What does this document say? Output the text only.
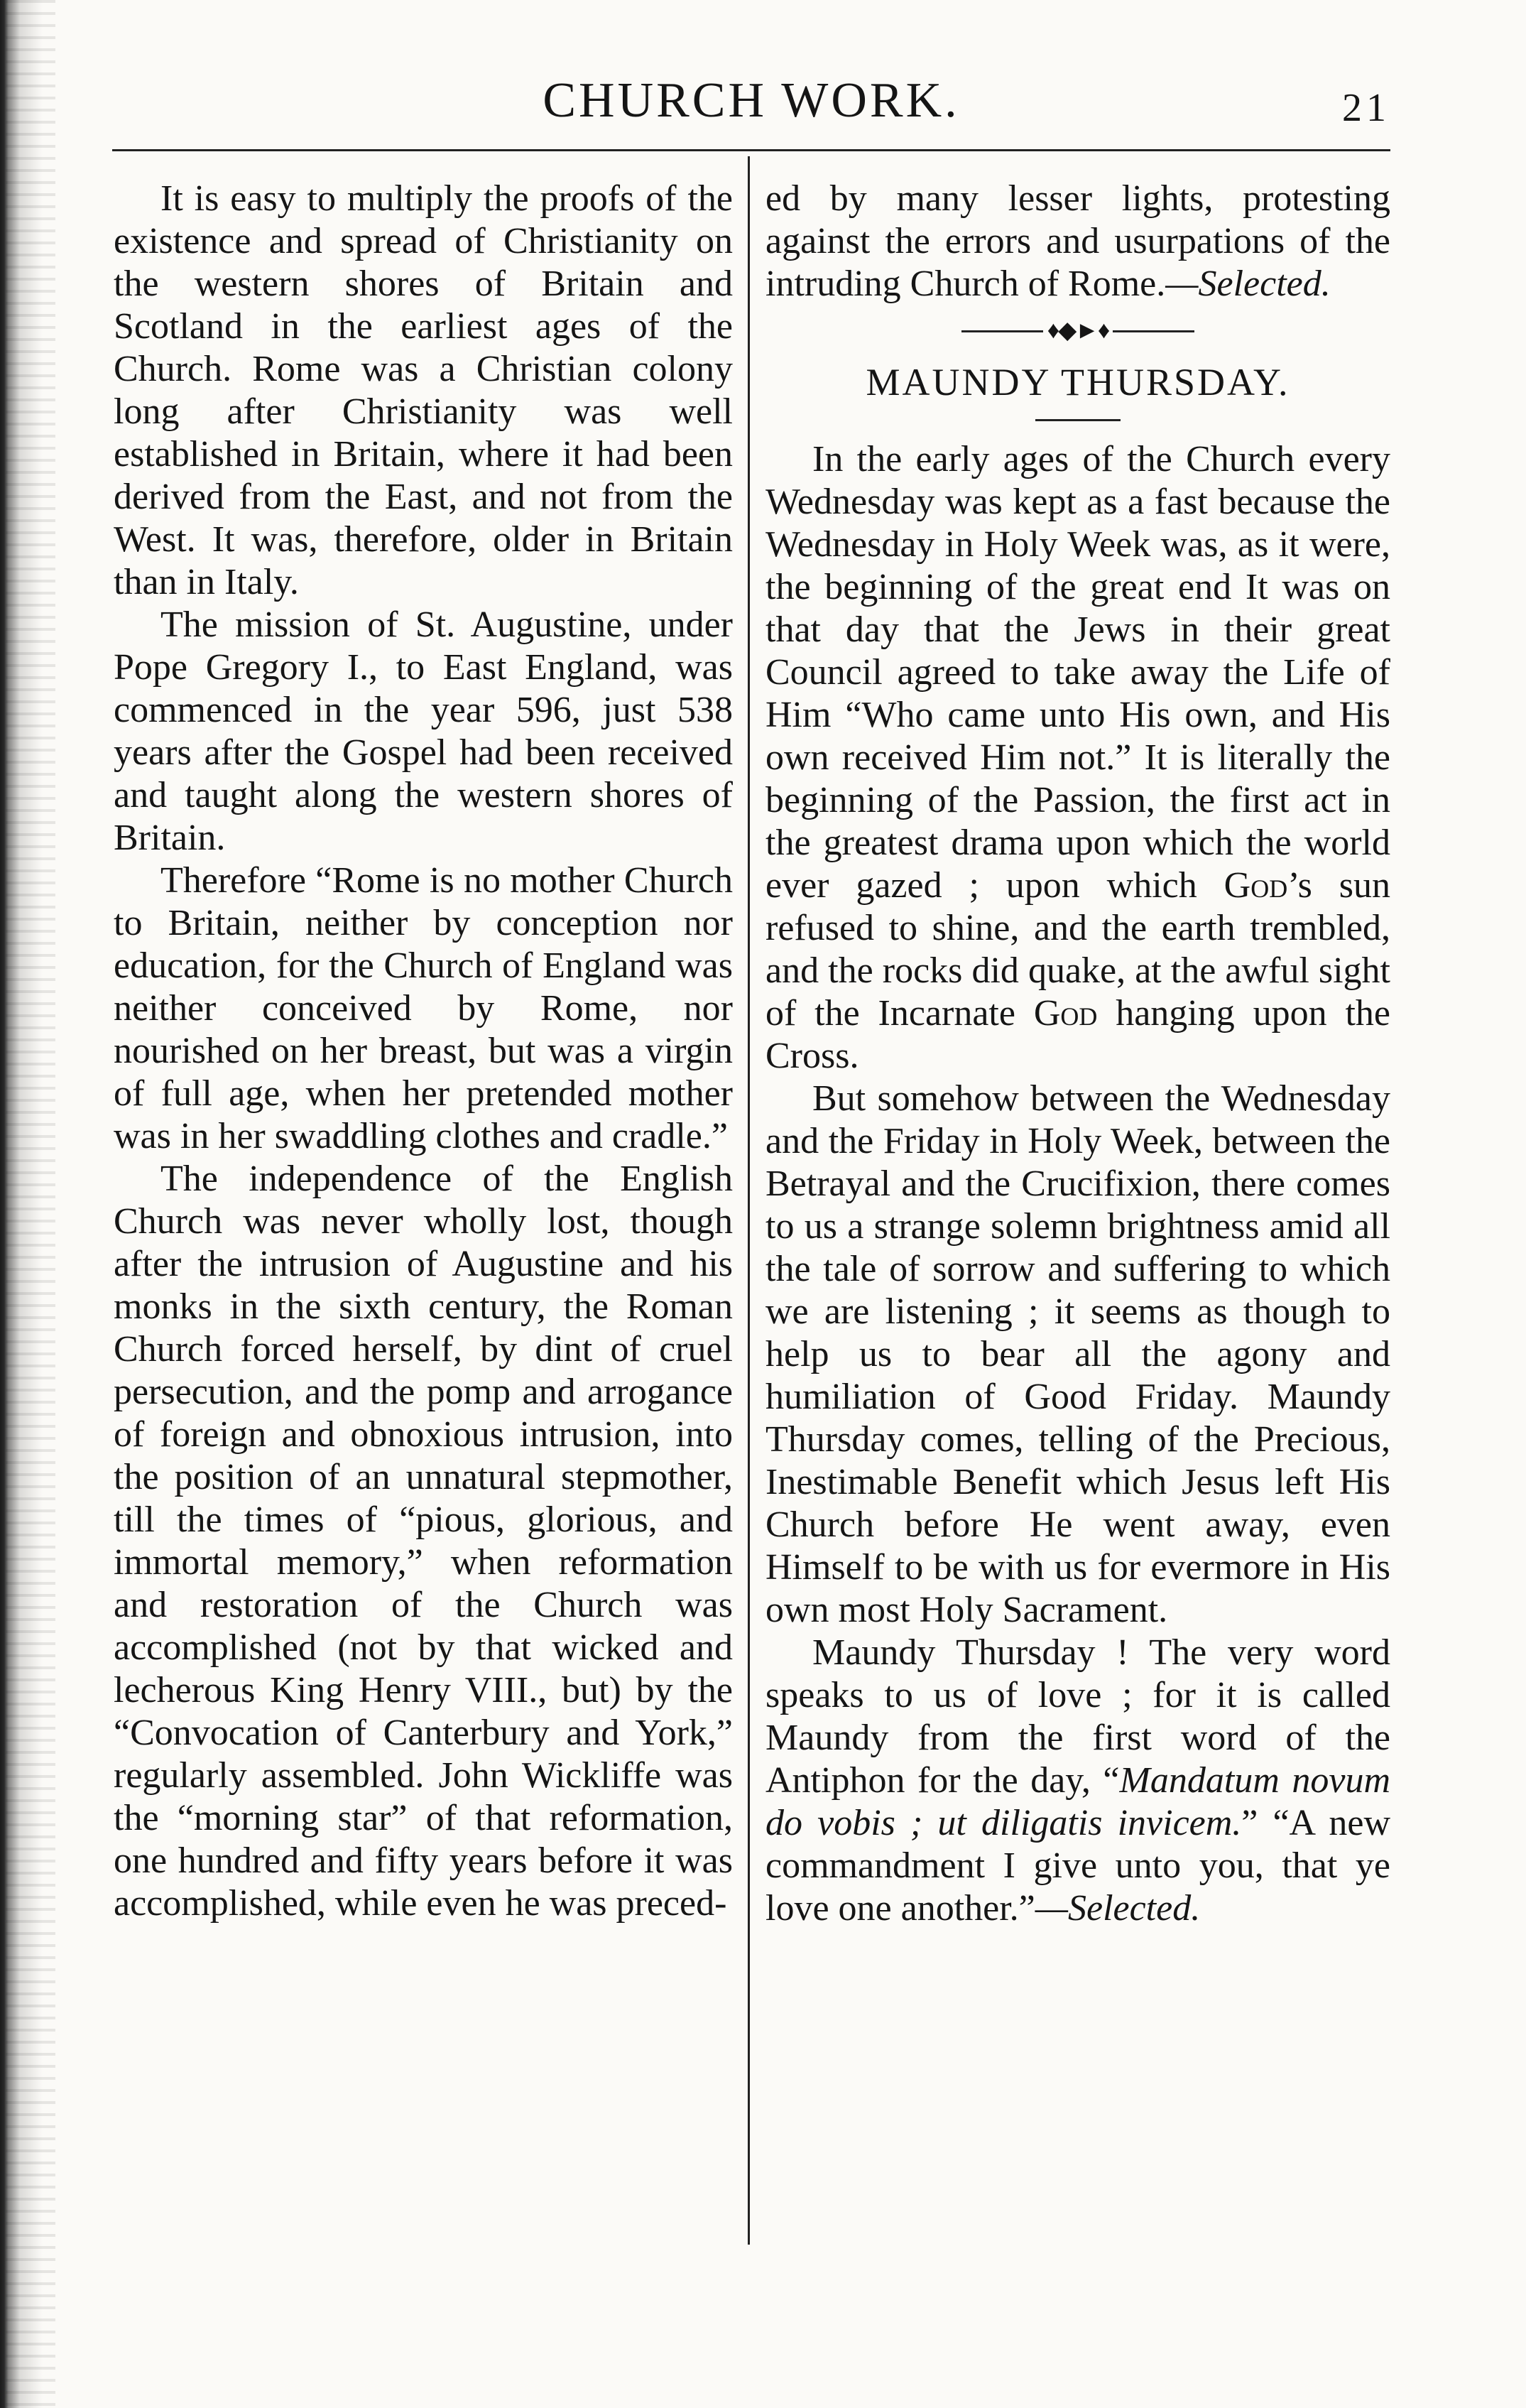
CHURCH WORK.	21

It is easy to multiply the proofs of the existence and spread of Christianity on the western shores of Britain and Scotland in the earliest ages of the Church. Rome was a Christian colony long after Christianity was well established in Britain, where it had been derived from the East, and not from the West. It was, therefore, older in Britain than in Italy.

The mission of St. Augustine, under Pope Gregory I., to East England, was commenced in the year 596, just 538 years after the Gospel had been received and taught along the western shores of Britain.

Therefore “Rome is no mother Church to Britain, neither by conception nor education, for the Church of England was neither conceived by Rome, nor nourished on her breast, but was a virgin of full age, when her pretended mother was in her swaddling clothes and cradle.”

The independence of the English Church was never wholly lost, though after the intrusion of Augustine and his monks in the sixth century, the Roman Church forced herself, by dint of cruel persecution, and the pomp and arrogance of foreign and obnoxious intrusion, into the position of an unnatural stepmother, till the times of “pious, glorious, and immortal memory,” when reformation and restoration of the Church was accomplished (not by that wicked and lecherous King Henry VIII., but) by the “Convocation of Canterbury and York,” regularly assembled. John Wickliffe was the “morning star” of that reformation, one hundred and fifty years before it was accomplished, while even he was preced-

ed by many lesser lights, protesting against the errors and usurpations of the intruding Church of Rome.—Selected.

♦◆►♦
MAUNDY THURSDAY.

In the early ages of the Church every Wednesday was kept as a fast because the Wednesday in Holy Week was, as it were, the beginning of the great end It was on that day that the Jews in their great Council agreed to take away the Life of Him “Who came unto His own, and His own received Him not.” It is literally the beginning of the Passion, the first act in the greatest drama upon which the world ever gazed ; upon which God’s sun refused to shine, and the earth trembled, and the rocks did quake, at the awful sight of the Incarnate God hanging upon the Cross.

But somehow between the Wednesday and the Friday in Holy Week, between the Betrayal and the Crucifixion, there comes to us a strange solemn brightness amid all the tale of sorrow and suffering to which we are listening ; it seems as though to help us to bear all the agony and humiliation of Good Friday. Maundy Thursday comes, telling of the Precious, Inestimable Benefit which Jesus left His Church before He went away, even Himself to be with us for evermore in His own most Holy Sacrament.

Maundy Thursday ! The very word speaks to us of love ; for it is called Maundy from the first word of the Antiphon for the day, “Mandatum novum do vobis ; ut diligatis invicem.” “A new commandment I give unto you, that ye love one another.”—Selected.
